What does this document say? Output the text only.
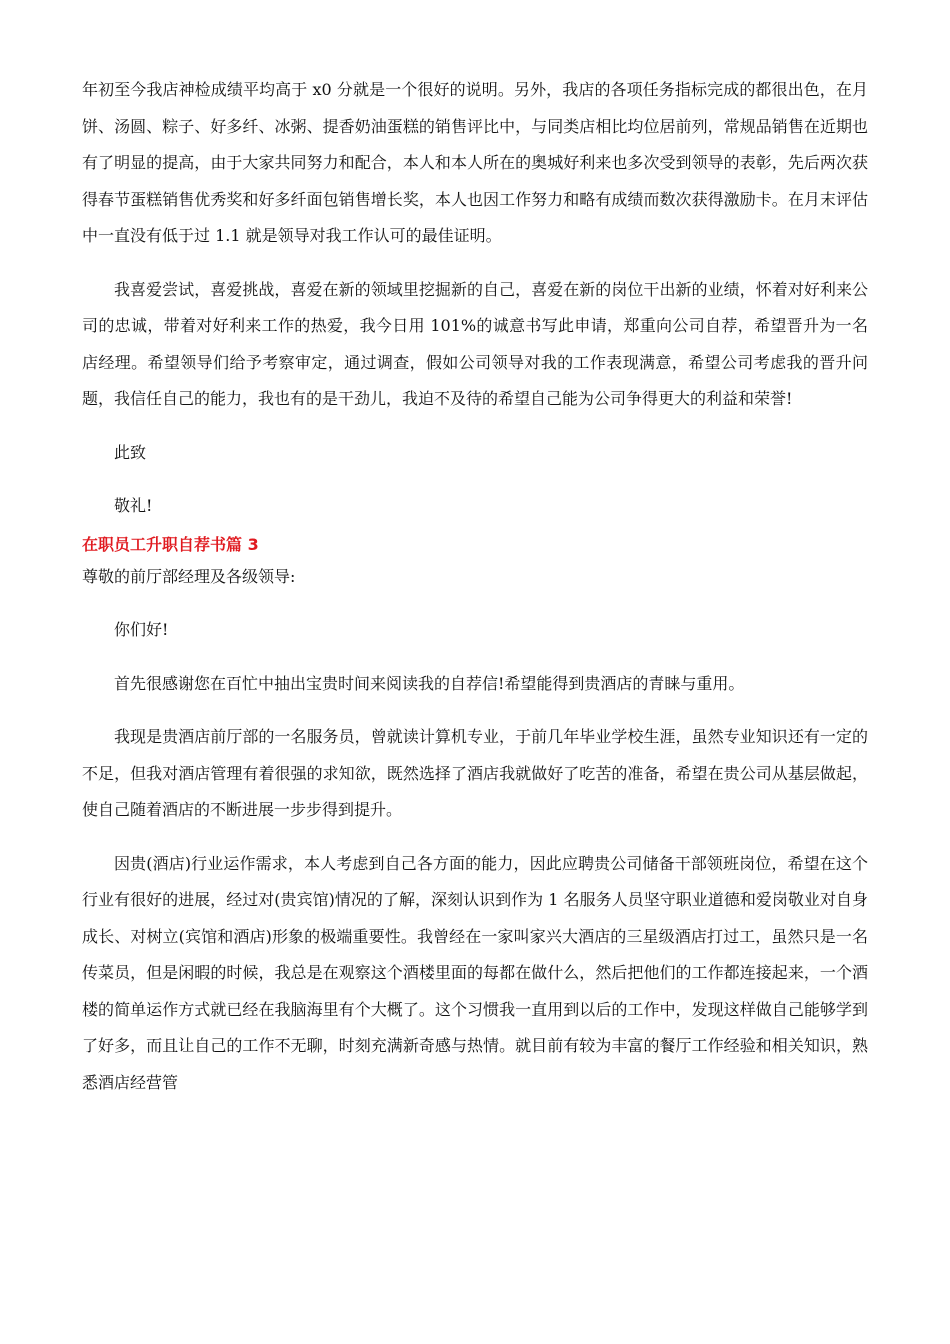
年初至今我店神检成绩平均高于 x0 分就是一个很好的说明。另外，我店的各项任务指标完成的都很出色，在月饼、汤圆、粽子、好多纤、冰粥、提香奶油蛋糕的销售评比中，与同类店相比均位居前列，常规品销售在近期也有了明显的提高，由于大家共同努力和配合，本人和本人所在的奥城好利来也多次受到领导的表彰，先后两次获得春节蛋糕销售优秀奖和好多纤面包销售增长奖，本人也因工作努力和略有成绩而数次获得激励卡。在月末评估中一直没有低于过 1.1 就是领导对我工作认可的最佳证明。

我喜爱尝试，喜爱挑战，喜爱在新的领域里挖掘新的自己，喜爱在新的岗位干出新的业绩，怀着对好利来公司的忠诚，带着对好利来工作的热爱，我今日用 101%的诚意书写此申请，郑重向公司自荐，希望晋升为一名店经理。希望领导们给予考察审定，通过调查，假如公司领导对我的工作表现满意，希望公司考虑我的晋升问题，我信任自己的能力，我也有的是干劲儿，我迫不及待的希望自己能为公司争得更大的利益和荣誉!

此致

敬礼!

在职员工升职自荐书篇 3

尊敬的前厅部经理及各级领导:

你们好!

首先很感谢您在百忙中抽出宝贵时间来阅读我的自荐信!希望能得到贵酒店的青睐与重用。

我现是贵酒店前厅部的一名服务员，曾就读计算机专业，于前几年毕业学校生涯，虽然专业知识还有一定的不足，但我对酒店管理有着很强的求知欲，既然选择了酒店我就做好了吃苦的准备，希望在贵公司从基层做起，使自己随着酒店的不断进展一步步得到提升。

因贵(酒店)行业运作需求，本人考虑到自己各方面的能力，因此应聘贵公司储备干部领班岗位，希望在这个行业有很好的进展，经过对(贵宾馆)情况的了解，深刻认识到作为 1 名服务人员坚守职业道德和爱岗敬业对自身成长、对树立(宾馆和酒店)形象的极端重要性。我曾经在一家叫家兴大酒店的三星级酒店打过工，虽然只是一名传菜员，但是闲暇的时候，我总是在观察这个酒楼里面的每都在做什么，然后把他们的工作都连接起来，一个酒楼的简单运作方式就已经在我脑海里有个大概了。这个习惯我一直用到以后的工作中，发现这样做自己能够学到了好多，而且让自己的工作不无聊，时刻充满新奇感与热情。就目前有较为丰富的餐厅工作经验和相关知识，熟悉酒店经营管
